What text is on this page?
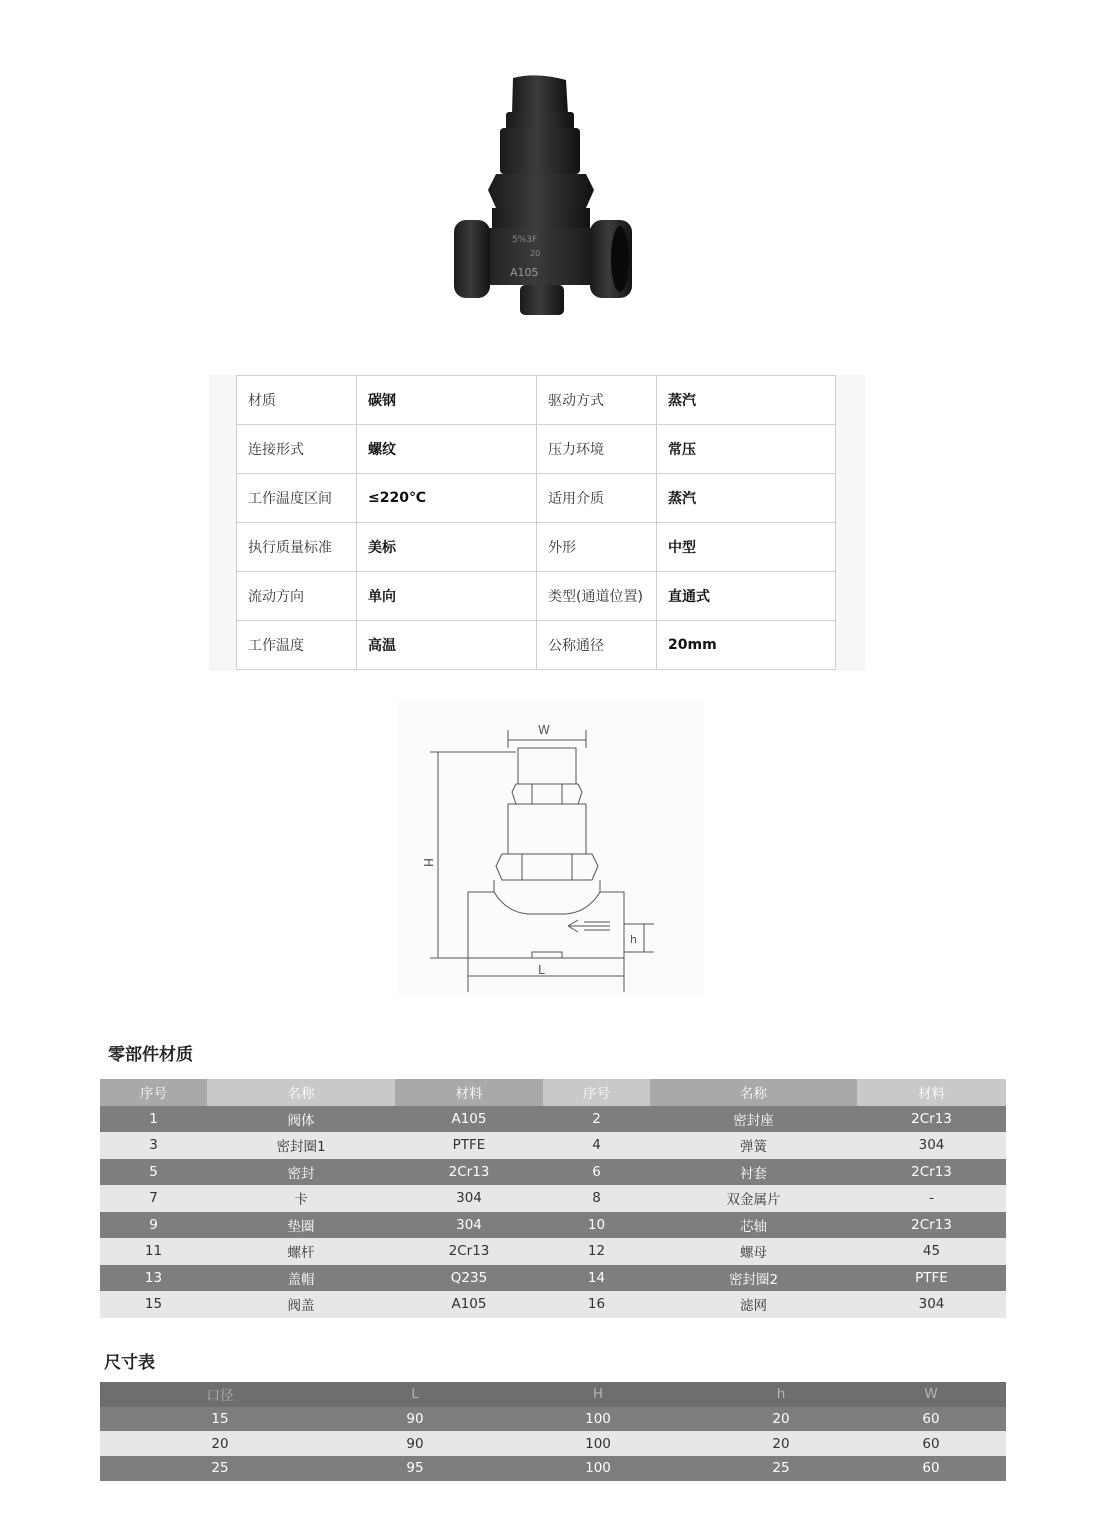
5%3F
20
A105
材质	碳钢	驱动方式	蒸汽
连接形式	螺纹	压力环境	常压
工作温度区间	≤220℃	适用介质	蒸汽
执行质量标准	美标	外形	中型
流动方向	单向	类型(通道位置)	直通式
工作温度	高温	公称通径	20mm
W
H
h
L
零部件材质
序号	名称	材料	序号	名称	材料
1	阀体	A105	2	密封座	2Cr13
3	密封圈1	PTFE	4	弹簧	304
5	密封	2Cr13	6	衬套	2Cr13
7	卡	304	8	双金属片	-
9	垫圈	304	10	芯轴	2Cr13
11	螺杆	2Cr13	12	螺母	45
13	盖帽	Q235	14	密封圈2	PTFE
15	阀盖	A105	16	滤网	304
尺寸表
口径	L	H	h	W
15	90	100	20	60
20	90	100	20	60
25	95	100	25	60
